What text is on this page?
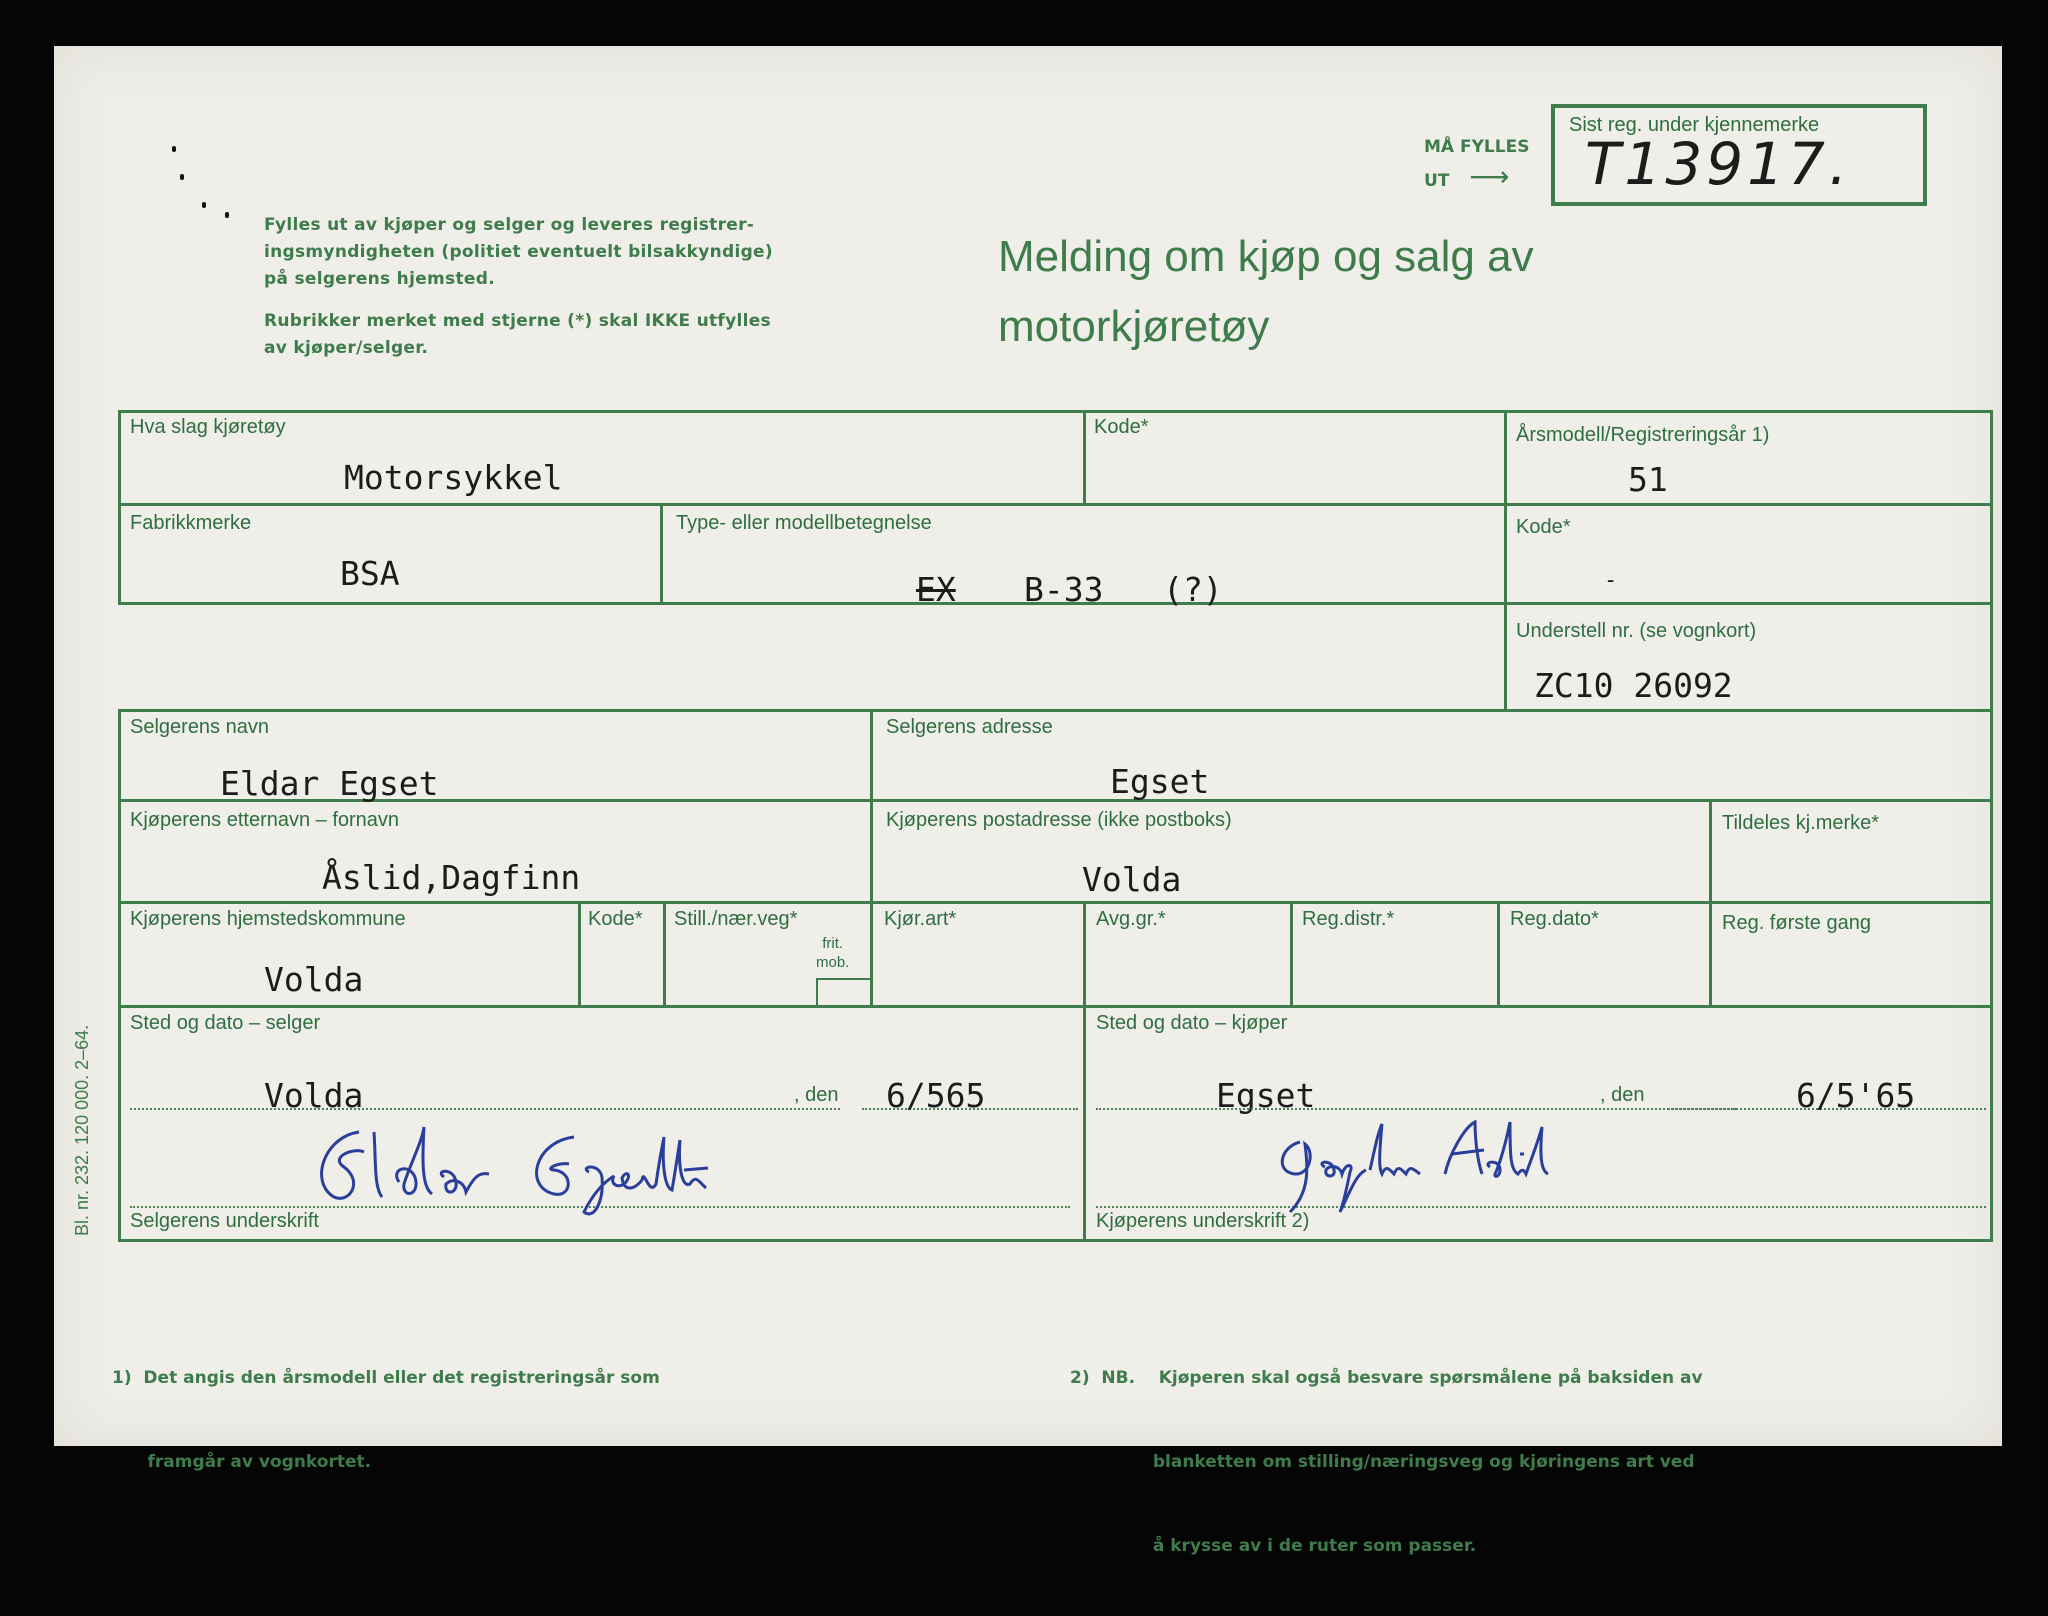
Fylles ut av kjøper og selger og leveres registrer-
ingsmyndigheten (politiet eventuelt bilsakkyndige)
på selgerens hjemsted.
Rubrikker merket med stjerne (*) skal IKKE utfylles
av kjøper/selger.
Melding om kjøp og salg av
motorkjøretøy
MÅ FYLLES
UT ⟶
Sist reg. under kjennemerke
T13917.
Hva slag kjøretøy
Motorsykkel
Kode*	Årsmodell/Registreringsår 1)
51
Fabrikkmerke
BSA
Type- eller modellbetegnelse
EX B-33   (?)
Kode*
-
Understell nr. (se vognkort)
ZC10 26092
Selgerens navn
Eldar Egset
Selgerens adresse
Egset
Kjøperens etternavn – fornavn
Åslid,Dagfinn
Kjøperens postadresse (ikke postboks)
Volda
Tildeles kj.merke*
Kjøperens hjemstedskommune
Volda
Kode* Still./nær.veg*
frit.
mob.
Kjør.art*	Avg.gr.*	Reg.distr.*	Reg.dato*	Reg. første gang
Sted og dato – selger
Volda	, den 6/565
Sted og dato – kjøper
Egset	, den	6/5'65
Selgerens underskrift	Kjøperens underskrift 2)
Bl. nr. 232. 120 000. 2–64.

1)  Det angis den årsmodell eller det registreringsår som

framgår av vognkortet.

2)  NB.    Kjøperen skal også besvare spørsmålene på baksiden av

blanketten om stilling/næringsveg og kjøringens art ved

å krysse av i de ruter som passer.
